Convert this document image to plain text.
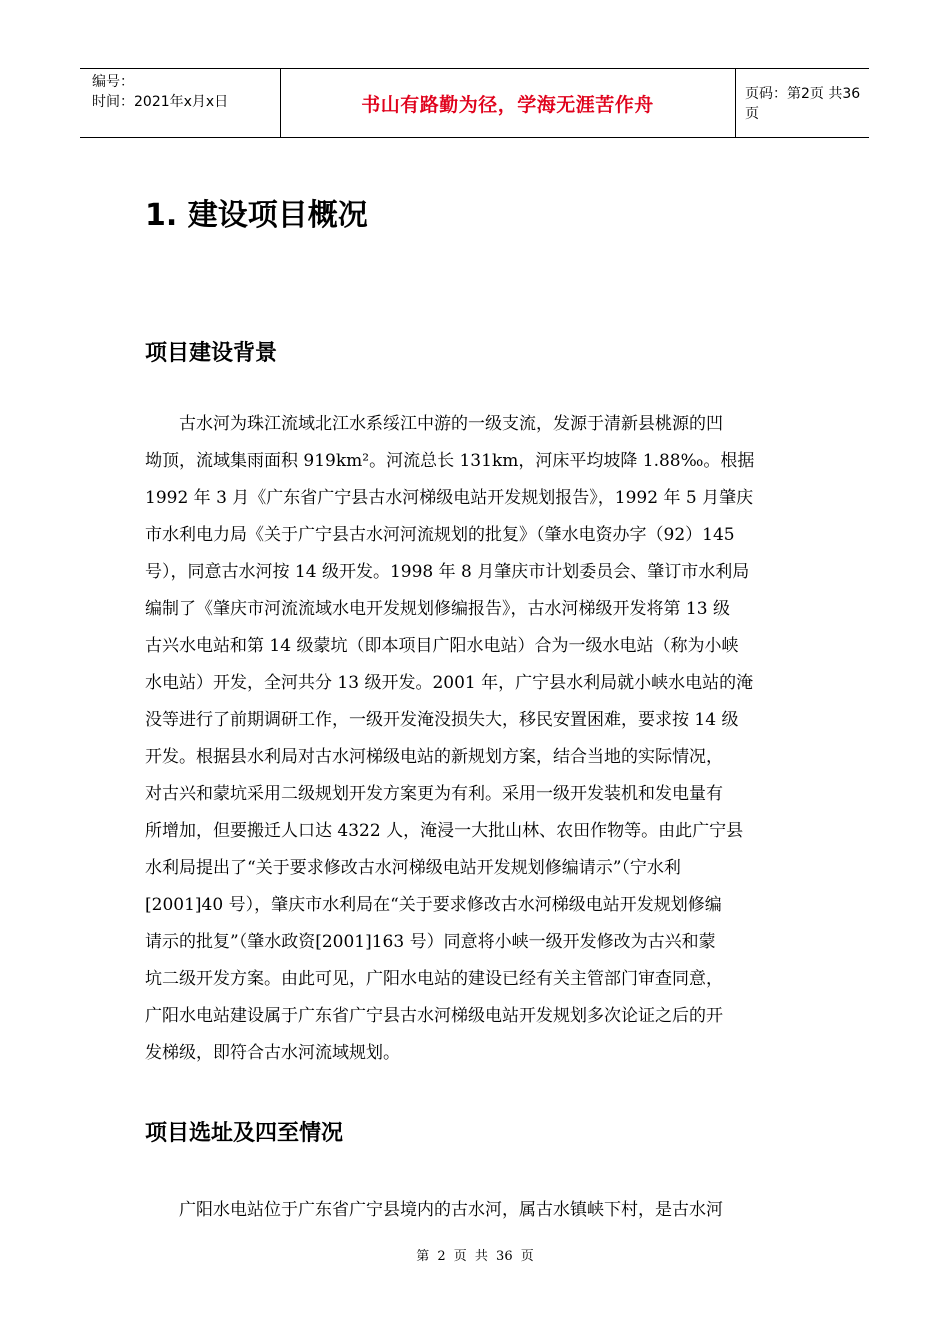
编号：
时间：2021年x月x日	书山有路勤为径，学海无涯苦作舟	页码：第2页 共36页
1. 建设项目概况
项目建设背景
　　古水河为珠江流域北江水系绥江中游的一级支流，发源于清新县桃源的凹
坳顶，流域集雨面积 919km²。河流总长 131km，河床平均坡降 1.88‰。根据
1992 年 3 月《广东省广宁县古水河梯级电站开发规划报告》，1992 年 5 月肇庆
市水利电力局《关于广宁县古水河河流规划的批复》（肇水电资办字（92）145
号），同意古水河按 14 级开发。1998 年 8 月肇庆市计划委员会、肇订市水利局
编制了《肇庆市河流流域水电开发规划修编报告》，古水河梯级开发将第 13 级
古兴水电站和第 14 级蒙坑（即本项目广阳水电站）合为一级水电站（称为小峡
水电站）开发，全河共分 13 级开发。2001 年，广宁县水利局就小峡水电站的淹
没等进行了前期调研工作，一级开发淹没损失大，移民安置困难，要求按 14 级
开发。根据县水利局对古水河梯级电站的新规划方案，结合当地的实际情况，
对古兴和蒙坑采用二级规划开发方案更为有利。采用一级开发装机和发电量有
所增加，但要搬迁人口达 4322 人，淹浸一大批山林、农田作物等。由此广宁县
水利局提出了“关于要求修改古水河梯级电站开发规划修编请示”（宁水利
[2001]40 号），肇庆市水利局在“关于要求修改古水河梯级电站开发规划修编
请示的批复”（肇水政资[2001]163 号）同意将小峡一级开发修改为古兴和蒙
坑二级开发方案。由此可见，广阳水电站的建设已经有关主管部门审查同意，
广阳水电站建设属于广东省广宁县古水河梯级电站开发规划多次论证之后的开
发梯级，即符合古水河流域规划。
项目选址及四至情况
　　广阳水电站位于广东省广宁县境内的古水河，属古水镇峡下村，是古水河
第 2 页 共 36 页
